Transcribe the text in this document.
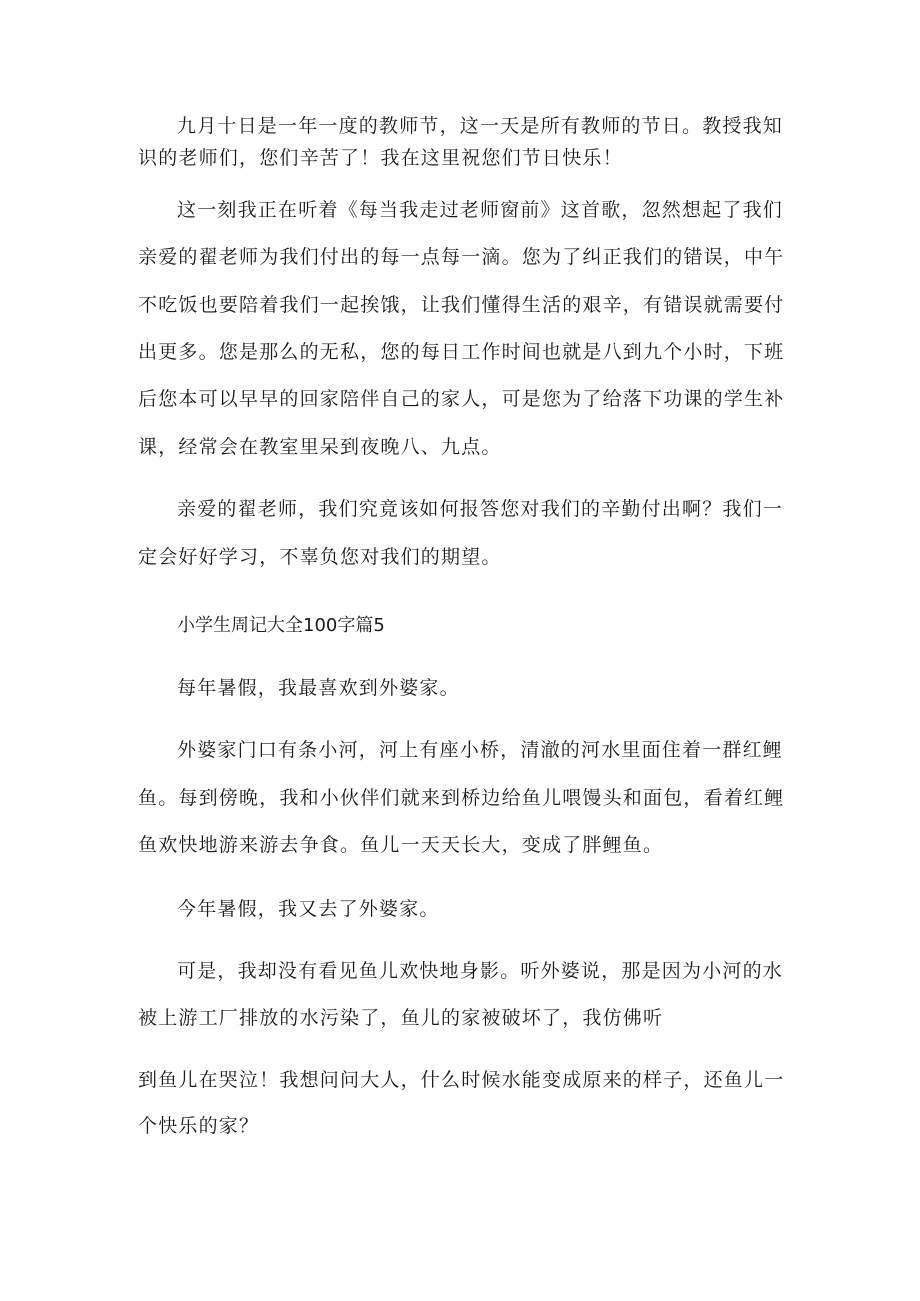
九月十日是一年一度的教师节，这一天是所有教师的节日。教授我知

识的老师们，您们辛苦了！我在这里祝您们节日快乐！

这一刻我正在听着《每当我走过老师窗前》这首歌，忽然想起了我们

亲爱的翟老师为我们付出的每一点每一滴。您为了纠正我们的错误，中午

不吃饭也要陪着我们一起挨饿，让我们懂得生活的艰辛，有错误就需要付

出更多。您是那么的无私，您的每日工作时间也就是八到九个小时，下班

后您本可以早早的回家陪伴自己的家人，可是您为了给落下功课的学生补

课，经常会在教室里呆到夜晚八、九点。

亲爱的翟老师，我们究竟该如何报答您对我们的辛勤付出啊？我们一

定会好好学习，不辜负您对我们的期望。

小学生周记大全100字篇5

每年暑假，我最喜欢到外婆家。

外婆家门口有条小河，河上有座小桥，清澈的河水里面住着一群红鲤

鱼。每到傍晚，我和小伙伴们就来到桥边给鱼儿喂馒头和面包，看着红鲤

鱼欢快地游来游去争食。鱼儿一天天长大，变成了胖鲤鱼。

今年暑假，我又去了外婆家。

可是，我却没有看见鱼儿欢快地身影。听外婆说，那是因为小河的水

被上游工厂排放的水污染了，鱼儿的家被破坏了，我仿佛听

到鱼儿在哭泣！我想问问大人，什么时候水能变成原来的样子，还鱼儿一

个快乐的家？
